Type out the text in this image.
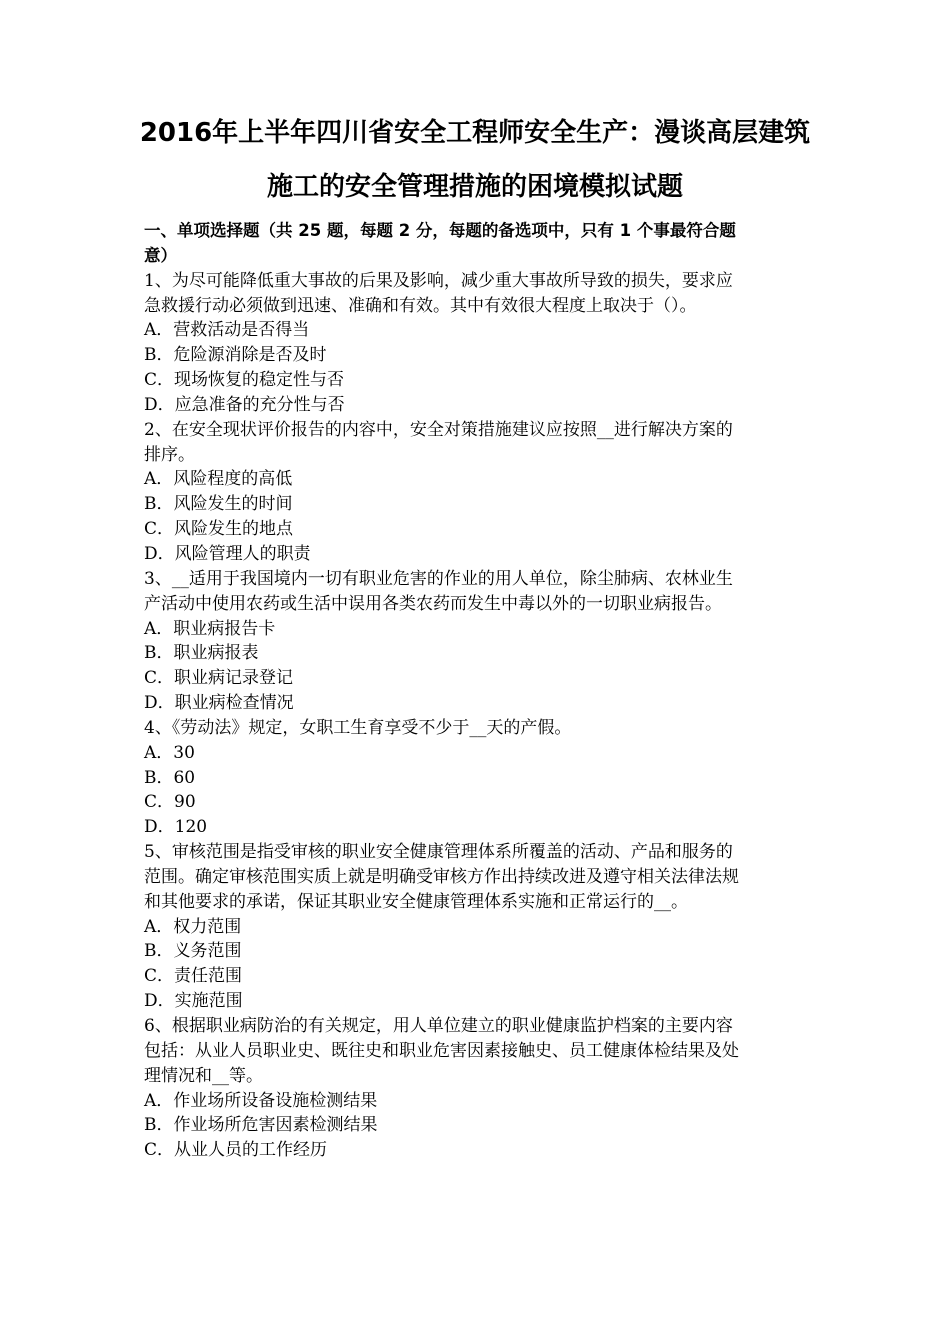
2016年上半年四川省安全工程师安全生产：漫谈高层建筑
施工的安全管理措施的困境模拟试题
一、单项选择题（共 25 题，每题 2 分，每题的备选项中，只有 1 个事最符合题
意）
1、为尽可能降低重大事故的后果及影响，减少重大事故所导致的损失，要求应
急救援行动必须做到迅速、准确和有效。其中有效很大程度上取决于（）。
A．营救活动是否得当
B．危险源消除是否及时
C．现场恢复的稳定性与否
D．应急准备的充分性与否
2、在安全现状评价报告的内容中，安全对策措施建议应按照__进行解决方案的
排序。
A．风险程度的高低
B．风险发生的时间
C．风险发生的地点
D．风险管理人的职责
3、__适用于我国境内一切有职业危害的作业的用人单位，除尘肺病、农林业生
产活动中使用农药或生活中误用各类农药而发生中毒以外的一切职业病报告。
A．职业病报告卡
B．职业病报表
C．职业病记录登记
D．职业病检查情况
4、《劳动法》规定，女职工生育享受不少于__天的产假。
A．30
B．60
C．90
D．120
5、审核范围是指受审核的职业安全健康管理体系所覆盖的活动、产品和服务的
范围。确定审核范围实质上就是明确受审核方作出持续改进及遵守相关法律法规
和其他要求的承诺，保证其职业安全健康管理体系实施和正常运行的__。
A．权力范围
B．义务范围
C．责任范围
D．实施范围
6、根据职业病防治的有关规定，用人单位建立的职业健康监护档案的主要内容
包括：从业人员职业史、既往史和职业危害因素接触史、员工健康体检结果及处
理情况和__等。
A．作业场所设备设施检测结果
B．作业场所危害因素检测结果
C．从业人员的工作经历
